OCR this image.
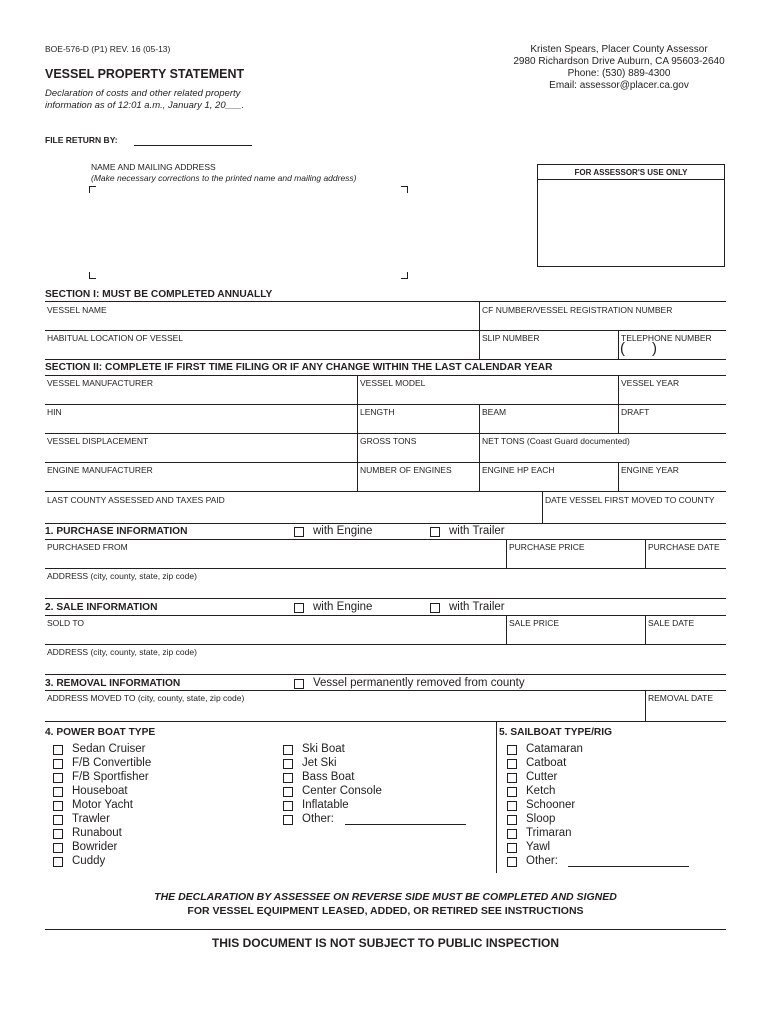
BOE-576-D (P1) REV. 16 (05-13)
VESSEL PROPERTY STATEMENT
Declaration of costs and other related property
information as of 12:01 a.m., January 1, 20___.
Kristen Spears, Placer County Assessor
2980 Richardson Drive Auburn, CA 95603-2640
Phone: (530) 889-4300
Email: assessor@placer.ca.gov
FILE RETURN BY:
NAME AND MAILING ADDRESS
(Make necessary corrections to the printed name and mailing address)
FOR ASSESSOR'S USE ONLY
SECTION I: MUST BE COMPLETED ANNUALLY
VESSEL NAME	CF NUMBER/VESSEL REGISTRATION NUMBER
HABITUAL LOCATION OF VESSEL	SLIP NUMBER	TELEPHONE NUMBER
( )
SECTION II: COMPLETE IF FIRST TIME FILING OR IF ANY CHANGE WITHIN THE LAST CALENDAR YEAR
VESSEL MANUFACTURER	VESSEL MODEL	VESSEL YEAR
HIN	LENGTH	BEAM	DRAFT
VESSEL DISPLACEMENT	GROSS TONS	NET TONS (Coast Guard documented)
ENGINE MANUFACTURER	NUMBER OF ENGINES	ENGINE HP EACH	ENGINE YEAR
LAST COUNTY ASSESSED AND TAXES PAID	DATE VESSEL FIRST MOVED TO COUNTY
1. PURCHASE INFORMATION	with Engine	with Trailer
PURCHASED FROM	PURCHASE PRICE	PURCHASE DATE
ADDRESS (city, county, state, zip code)
2. SALE INFORMATION	with Engine	with Trailer
SOLD TO	SALE PRICE	SALE DATE
ADDRESS (city, county, state, zip code)
3. REMOVAL INFORMATION	Vessel permanently removed from county
ADDRESS MOVED TO (city, county, state, zip code)	REMOVAL DATE
4. POWER BOAT TYPE	5. SAILBOAT TYPE/RIG
Sedan Cruiser
F/B Convertible
F/B Sportfisher
Houseboat
Motor Yacht
Trawler
Runabout
Bowrider
Cuddy
Ski Boat
Jet Ski
Bass Boat
Center Console
Inflatable
Other:
Catamaran
Catboat
Cutter
Ketch
Schooner
Sloop
Trimaran
Yawl
Other:
THE DECLARATION BY ASSESSEE ON REVERSE SIDE MUST BE COMPLETED AND SIGNED
FOR VESSEL EQUIPMENT LEASED, ADDED, OR RETIRED SEE INSTRUCTIONS
THIS DOCUMENT IS NOT SUBJECT TO PUBLIC INSPECTION
